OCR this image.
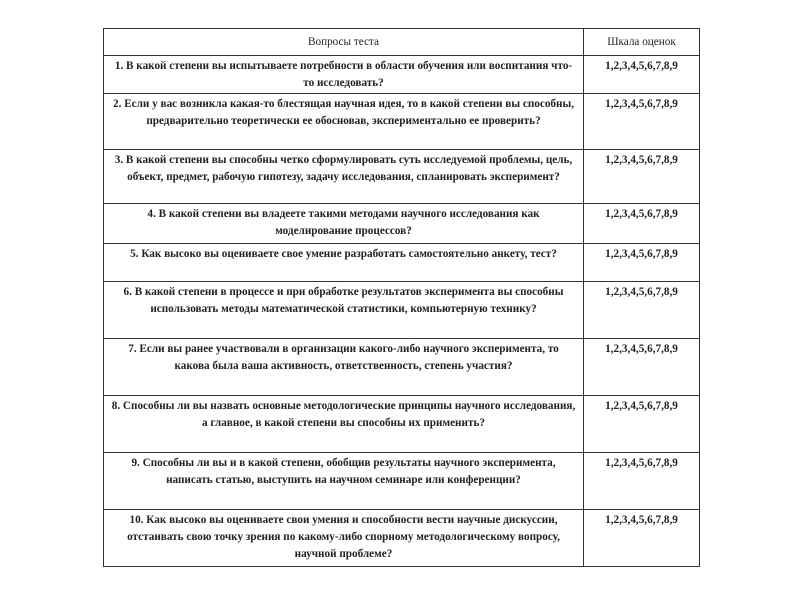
Вопросы теста	Шкала оценок
1. В какой степени вы испытываете потребности в области обучения или воспитания что-то исследовать?	1,2,3,4,5,6,7,8,9
2. Если у вас возникла какая-то блестящая научная идея, то в какой степени вы способны, предварительно теоретически ее обосновав, экспериментально ее проверить?	1,2,3,4,5,6,7,8,9
3. В какой степени вы способны четко сформулировать суть исследуемой проблемы, цель, объект, предмет, рабочую гипотезу, задачу исследования, спланировать эксперимент?	1,2,3,4,5,6,7,8,9
4. В какой степени вы владеете такими методами научного исследования как моделирование процессов?	1,2,3,4,5,6,7,8,9
5. Как высоко вы оцениваете свое умение разработать самостоятельно анкету, тест?	1,2,3,4,5,6,7,8,9
6. В какой степени в процессе и при обработке результатов эксперимента вы способны использовать методы математической статистики, компьютерную технику?	1,2,3,4,5,6,7,8,9
7. Если вы ранее участвовали в организации какого-либо научного эксперимента, то какова была ваша активность, ответственность, степень участия?	1,2,3,4,5,6,7,8,9
8. Способны ли вы назвать основные методологические принципы научного исследования, а главное, в какой степени вы способны их применить?	1,2,3,4,5,6,7,8,9
9. Способны ли вы и в какой степени, обобщив результаты научного эксперимента, написать статью, выступить на научном семинаре или конференции?	1,2,3,4,5,6,7,8,9
10. Как высоко вы оцениваете свои умения и способности вести научные дискуссии, отстаивать свою точку зрения по какому-либо спорному методологическому вопросу, научной проблеме?	1,2,3,4,5,6,7,8,9
